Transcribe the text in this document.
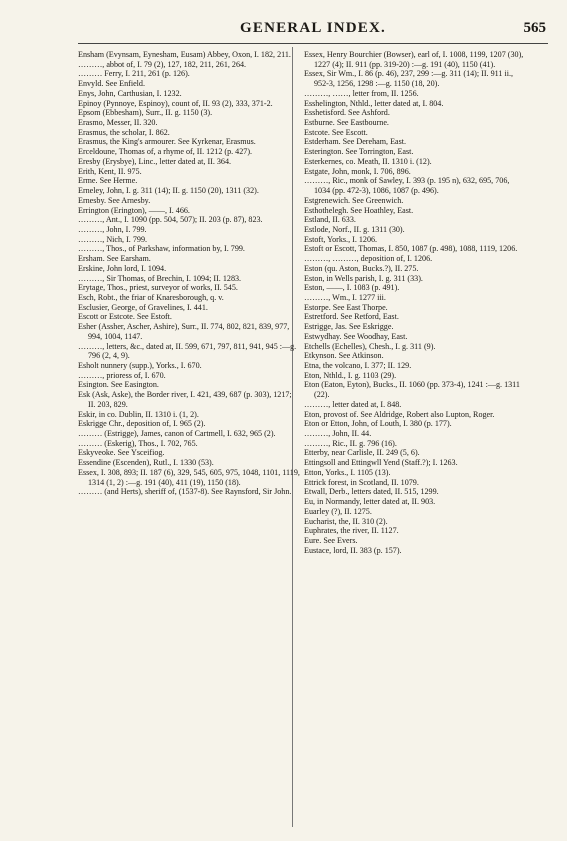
GENERAL INDEX.	565

Ensham (Evynsam, Eynesham, Eusam) Abbey, Oxon, I. 182, 211.

………, abbot of, I. 79 (2), 127, 182, 211, 261, 264.

……… Ferry, I. 211, 261 (p. 126).

Envyld. See Enfield.

Enys, John, Carthusian, I. 1232.

Epinoy (Pynnoye, Espinoy), count of, II. 93 (2), 333, 371-2.

Epsom (Ebbesham), Surr., II. g. 1150 (3).

Erasmo, Messer, II. 320.

Erasmus, the scholar, I. 862.

Erasmus, the King's armourer. See Kyrkenar, Erasmus.

Erceldoune, Thomas of, a rhyme of, II. 1212 (p. 427).

Eresby (Erysbye), Linc., letter dated at, II. 364.

Erith, Kent, II. 975.

Erme. See Herme.

Erneley, John, I. g. 311 (14); II. g. 1150 (20), 1311 (32).

Ernesby. See Arnesby.

Errington (Erington), ——, I. 466.

………, Ant., I. 1090 (pp. 504, 507); II. 203 (p. 87), 823.

………, John, I. 799.

………, Nich, I. 799.

………, Thos., of Parkshaw, information by, I. 799.

Ersham. See Earsham.

Erskine, John lord, I. 1094.

………, Sir Thomas, of Brechin, I. 1094; II. 1283.

Erytage, Thos., priest, surveyor of works, II. 545.

Esch, Robt., the friar of Knaresborough, q. v.

Esclusier, George, of Gravelines, I. 441.

Escott or Estcote. See Estoft.

Esher (Assher, Ascher, Ashire), Surr., II. 774, 802, 821, 839, 977, 994, 1004, 1147.

………, letters, &c., dated at, II. 599, 671, 797, 811, 941, 945 :—g. 796 (2, 4, 9).

Esholt nunnery (supp.), Yorks., I. 670.

………, prioress of, I. 670.

Esington. See Easington.

Esk (Ask, Aske), the Border river, I. 421, 439, 687 (p. 303), 1217; II. 203, 829.

Eskir, in co. Dublin, II. 1310 i. (1, 2).

Eskrigge Chr., deposition of, I. 965 (2).

……… (Estrigge), James, canon of Cartmell, I. 632, 965 (2).

……… (Eskerig), Thos., I. 702, 765.

Eskyveoke. See Ysceifiog.

Essendine (Escenden), Rutl., I. 1330 (53).

Essex, I. 308, 893; II. 187 (6), 329, 545, 605, 975, 1048, 1101, 1119, 1314 (1, 2) :—g. 191 (40), 411 (19), 1150 (18).

……… (and Herts), sheriff of, (1537-8). See Raynsford, Sir John.

Essex, Henry Bourchier (Bowser), earl of, I. 1008, 1199, 1207 (30), 1227 (4); II. 911 (pp. 319-20) :—g. 191 (40), 1150 (41).

Essex, Sir Wm., I. 86 (p. 46), 237, 299 :—g. 311 (14); II. 911 ii., 952-3, 1256, 1298 :—g. 1150 (18, 20).

………, ……, letter from, II. 1256.

Esshelington, Nthld., letter dated at, I. 804.

Esshetisford. See Ashford.

Estburne. See Eastbourne.

Estcote. See Escott.

Estderham. See Dereham, East.

Esterington. See Torrington, East.

Esterkernes, co. Meath, II. 1310 i. (12).

Estgate, John, monk, I. 706, 896.

………, Ric., monk of Sawley, I. 393 (p. 195 n), 632, 695, 706, 1034 (pp. 472-3), 1086, 1087 (p. 496).

Estgrenewich. See Greenwich.

Esthothelegh. See Hoathley, East.

Estland, II. 633.

Estlode, Norf., II. g. 1311 (30).

Estoft, Yorks., I. 1206.

Estoft or Escott, Thomas, I. 850, 1087 (p. 498), 1088, 1119, 1206.

………, ………, deposition of, I. 1206.

Eston (qu. Aston, Bucks.?), II. 275.

Eston, in Wells parish, I. g. 311 (33).

Eston, ——, I. 1083 (p. 491).

………, Wm., I. 1277 iii.

Estorpe. See East Thorpe.

Estretford. See Retford, East.

Estrigge, Jas. See Eskrigge.

Estwydhay. See Woodhay, East.

Etchells (Echelles), Chesh., I. g. 311 (9).

Etkynson. See Atkinson.

Etna, the volcano, I. 377; II. 129.

Eton, Nthld., I. g. 1103 (29).

Eton (Eaton, Eyton), Bucks., II. 1060 (pp. 373-4), 1241 :—g. 1311 (22).

………, letter dated at, I. 848.

Eton, provost of. See Aldridge, Robert also Lupton, Roger.

Eton or Etton, John, of Louth, I. 380 (p. 177).

………, John, II. 44.

………, Ric., II. g. 796 (16).

Etterby, near Carlisle, II. 249 (5, 6).

Ettingsoll and Ettingwll Yend (Staff.?); I. 1263.

Etton, Yorks., I. 1105 (13).

Ettrick forest, in Scotland, II. 1079.

Etwall, Derb., letters dated, II. 515, 1299.

Eu, in Normandy, letter dated at, II. 903.

Euarley (?), II. 1275.

Eucharist, the, II. 310 (2).

Euphrates, the river, II. 1127.

Eure. See Evers.

Eustace, lord, II. 383 (p. 157).
